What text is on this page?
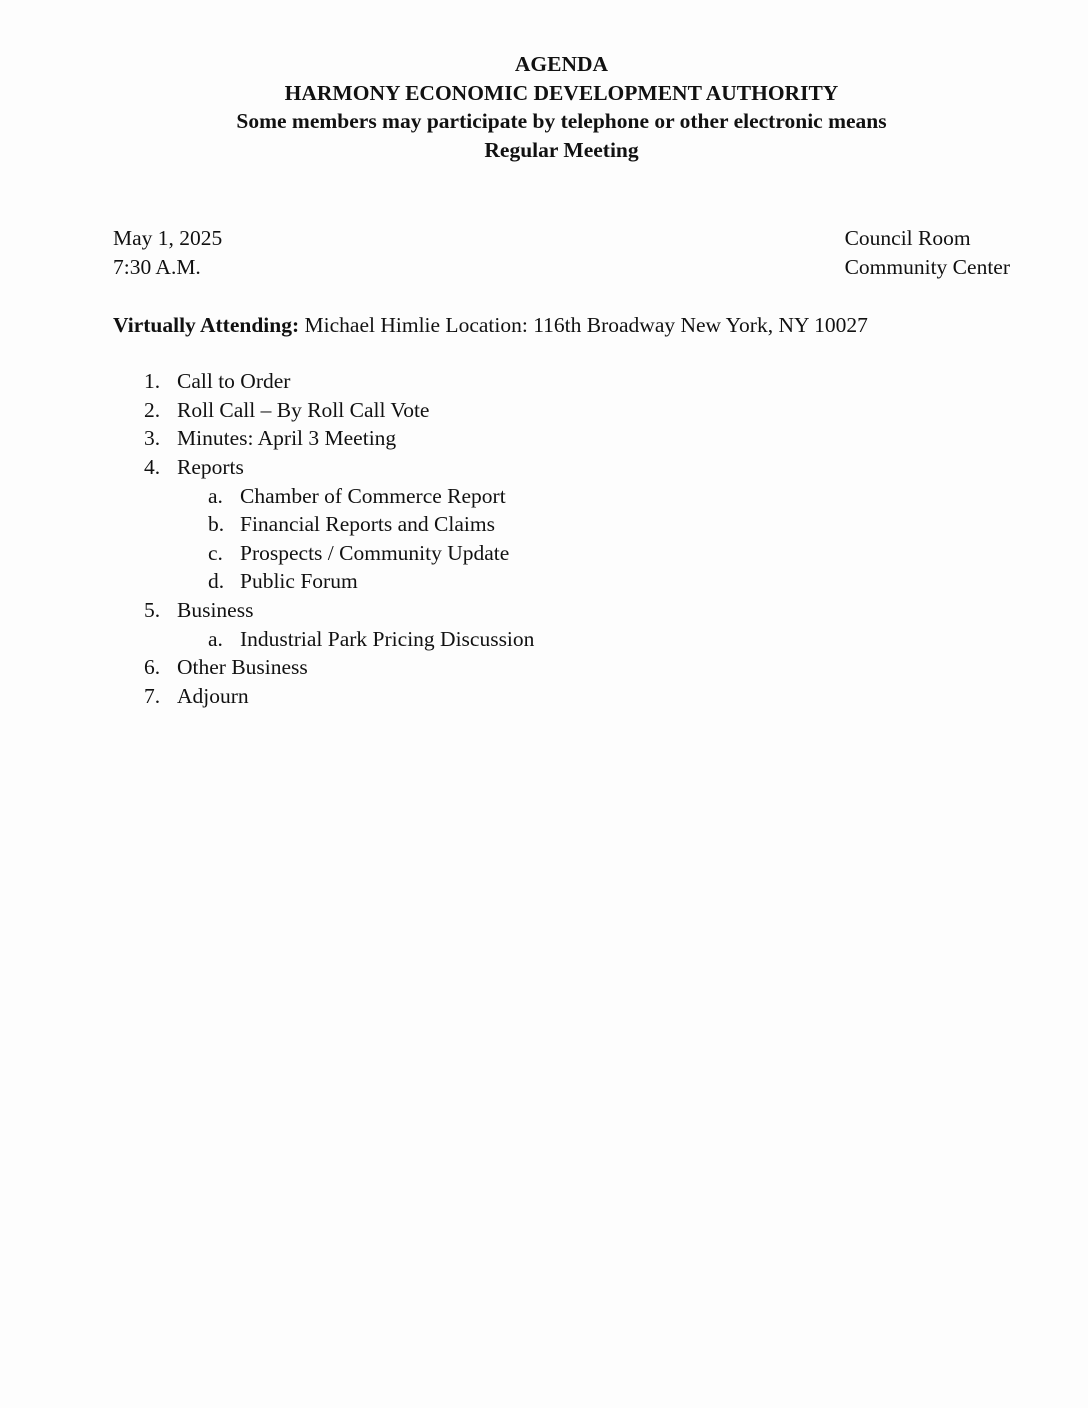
AGENDA
HARMONY ECONOMIC DEVELOPMENT AUTHORITY
Some members may participate by telephone or other electronic means
Regular Meeting
May 1, 2025
7:30 A.M.
Council Room
Community Center
Virtually Attending: Michael Himlie Location: 116th Broadway New York, NY 10027
1. Call to Order
2. Roll Call – By Roll Call Vote
3. Minutes: April 3 Meeting
4. Reports
a. Chamber of Commerce Report
b. Financial Reports and Claims
c. Prospects / Community Update
d. Public Forum
5. Business
a. Industrial Park Pricing Discussion
6. Other Business
7. Adjourn
